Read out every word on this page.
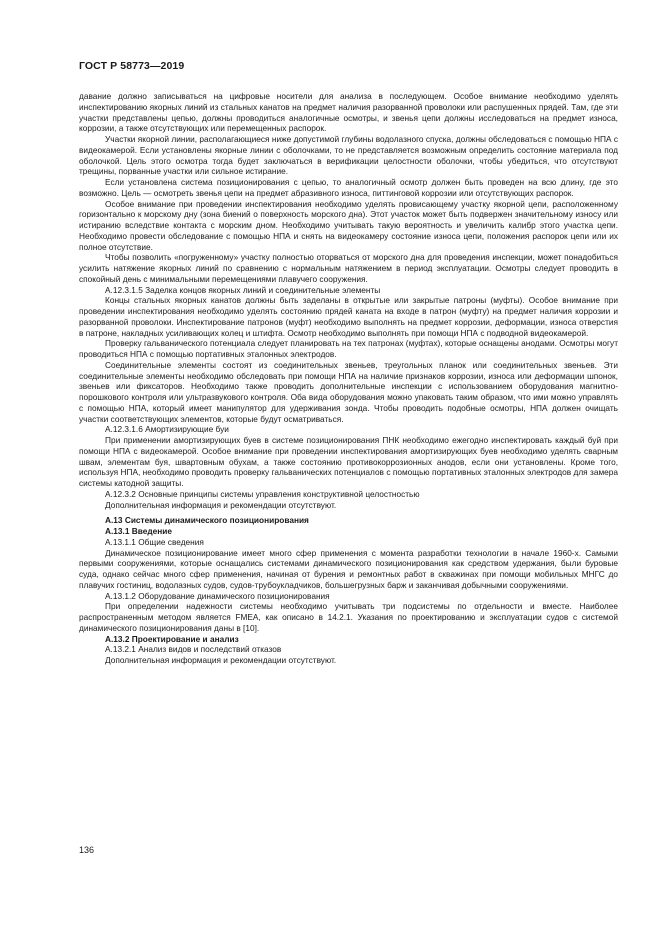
ГОСТ Р 58773—2019

давание должно записываться на цифровые носители для анализа в последующем. Особое внимание необходимо уделять инспектированию якорных линий из стальных канатов на предмет наличия разорванной проволоки или распушенных прядей. Там, где эти участки представлены цепью, должны проводиться аналогичные осмотры, и звенья цепи должны исследоваться на предмет износа, коррозии, а также отсутствующих или перемещенных распорок.

Участки якорной линии, располагающиеся ниже допустимой глубины водолазного спуска, должны обследоваться с помощью НПА с видеокамерой. Если установлены якорные линии с оболочками, то не представляется возможным определить состояние материала под оболочкой. Цель этого осмотра тогда будет заключаться в верификации целостности оболочки, чтобы убедиться, что отсутствуют трещины, порванные участки или сильное истирание.

Если установлена система позиционирования с цепью, то аналогичный осмотр должен быть проведен на всю длину, где это возможно. Цель — осмотреть звенья цепи на предмет абразивного износа, питтинговой коррозии или отсутствующих распорок.

Особое внимание при проведении инспектирования необходимо уделять провисающему участку якорной цепи, расположенному горизонтально к морскому дну (зона биений о поверхность морского дна). Этот участок может быть подвержен значительному износу или истиранию вследствие контакта с морским дном. Необходимо учитывать такую вероятность и увеличить калибр этого участка цепи. Необходимо провести обследование с помощью НПА и снять на видеокамеру состояние износа цепи, положения распорок цепи или их полное отсутствие.

Чтобы позволить «погруженному» участку полностью оторваться от морского дна для проведения инспекции, может понадобиться усилить натяжение якорных линий по сравнению с нормальным натяжением в период эксплуатации. Осмотры следует проводить в спокойный день с минимальными перемещениями плавучего сооружения.

A.12.3.1.5 Заделка концов якорных линий и соединительные элементы

Концы стальных якорных канатов должны быть заделаны в открытые или закрытые патроны (муфты). Особое внимание при проведении инспектирования необходимо уделять состоянию прядей каната на входе в патрон (муфту) на предмет наличия коррозии и разорванной проволоки. Инспектирование патронов (муфт) необходимо выполнять на предмет коррозии, деформации, износа отверстия в патроне, накладных усиливающих колец и штифта. Осмотр необходимо выполнять при помощи НПА с подводной видеокамерой.

Проверку гальванического потенциала следует планировать на тех патронах (муфтах), которые оснащены анодами. Осмотры могут проводиться НПА с помощью портативных эталонных электродов.

Соединительные элементы состоят из соединительных звеньев, треугольных планок или соединительных звеньев. Эти соединительные элементы необходимо обследовать при помощи НПА на наличие признаков коррозии, износа или деформации шпонок, звеньев или фиксаторов. Необходимо также проводить дополнительные инспекции с использованием оборудования магнитно-порошкового контроля или ультразвукового контроля. Оба вида оборудования можно упаковать таким образом, что ими можно управлять с помощью НПА, который имеет манипулятор для удерживания зонда. Чтобы проводить подобные осмотры, НПА должен очищать участки соответствующих элементов, которые будут осматриваться.

A.12.3.1.6 Амортизирующие буи

При применении амортизирующих буев в системе позиционирования ПНК необходимо ежегодно инспектировать каждый буй при помощи НПА с видеокамерой. Особое внимание при проведении инспектирования амортизирующих буев необходимо уделять сварным швам, элементам буя, швартовным обухам, а также состоянию противокоррозионных анодов, если они установлены. Кроме того, используя НПА, необходимо проводить проверку гальванических потенциалов с помощью портативных эталонных электродов для замера системы катодной защиты.

A.12.3.2 Основные принципы системы управления конструктивной целостностью

Дополнительная информация и рекомендации отсутствуют.

A.13 Системы динамического позиционирования
A.13.1 Введение

A.13.1.1 Общие сведения

Динамическое позиционирование имеет много сфер применения с момента разработки технологии в начале 1960-х. Самыми первыми сооружениями, которые оснащались системами динамического позиционирования как средством удержания, были буровые суда, однако сейчас много сфер применения, начиная от бурения и ремонтных работ в скважинах при помощи мобильных МНГС до плавучих гостиниц, водолазных судов, судов-трубоукладчиков, большегрузных барж и заканчивая добычными сооружениями.

A.13.1.2 Оборудование динамического позиционирования

При определении надежности системы необходимо учитывать три подсистемы по отдельности и вместе. Наиболее распространенным методом является FMEA, как описано в 14.2.1. Указания по проектированию и эксплуатации судов с системой динамического позиционирования даны в [10].

A.13.2 Проектирование и анализ

A.13.2.1 Анализ видов и последствий отказов

Дополнительная информация и рекомендации отсутствуют.

136
